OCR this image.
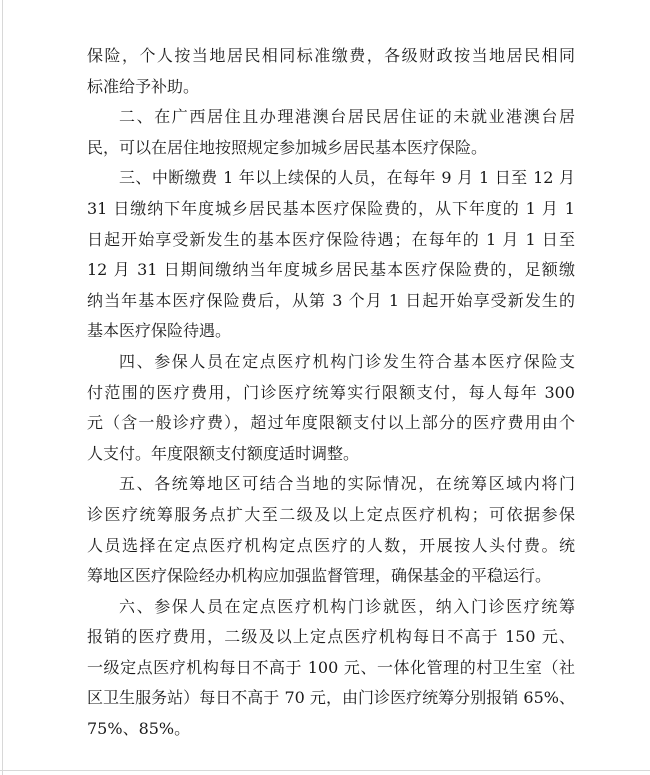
保险，个人按当地居民相同标准缴费，各级财政按当地居民相同
标准给予补助。
二、在广西居住且办理港澳台居民居住证的未就业港澳台居
民，可以在居住地按照规定参加城乡居民基本医疗保险。
三、中断缴费 1 年以上续保的人员，在每年 9 月 1 日至 12 月
31 日缴纳下年度城乡居民基本医疗保险费的，从下年度的 1 月 1
日起开始享受新发生的基本医疗保险待遇；在每年的 1 月 1 日至
12 月 31 日期间缴纳当年度城乡居民基本医疗保险费的，足额缴
纳当年基本医疗保险费后，从第 3 个月 1 日起开始享受新发生的
基本医疗保险待遇。
四、参保人员在定点医疗机构门诊发生符合基本医疗保险支
付范围的医疗费用，门诊医疗统筹实行限额支付，每人每年 300
元（含一般诊疗费），超过年度限额支付以上部分的医疗费用由个
人支付。年度限额支付额度适时调整。
五、各统筹地区可结合当地的实际情况，在统筹区域内将门
诊医疗统筹服务点扩大至二级及以上定点医疗机构；可依据参保
人员选择在定点医疗机构定点医疗的人数，开展按人头付费。统
筹地区医疗保险经办机构应加强监督管理，确保基金的平稳运行。
六、参保人员在定点医疗机构门诊就医，纳入门诊医疗统筹
报销的医疗费用，二级及以上定点医疗机构每日不高于 150 元、
一级定点医疗机构每日不高于 100 元、一体化管理的村卫生室（社
区卫生服务站）每日不高于 70 元，由门诊医疗统筹分别报销 65%、
75%、85%。
